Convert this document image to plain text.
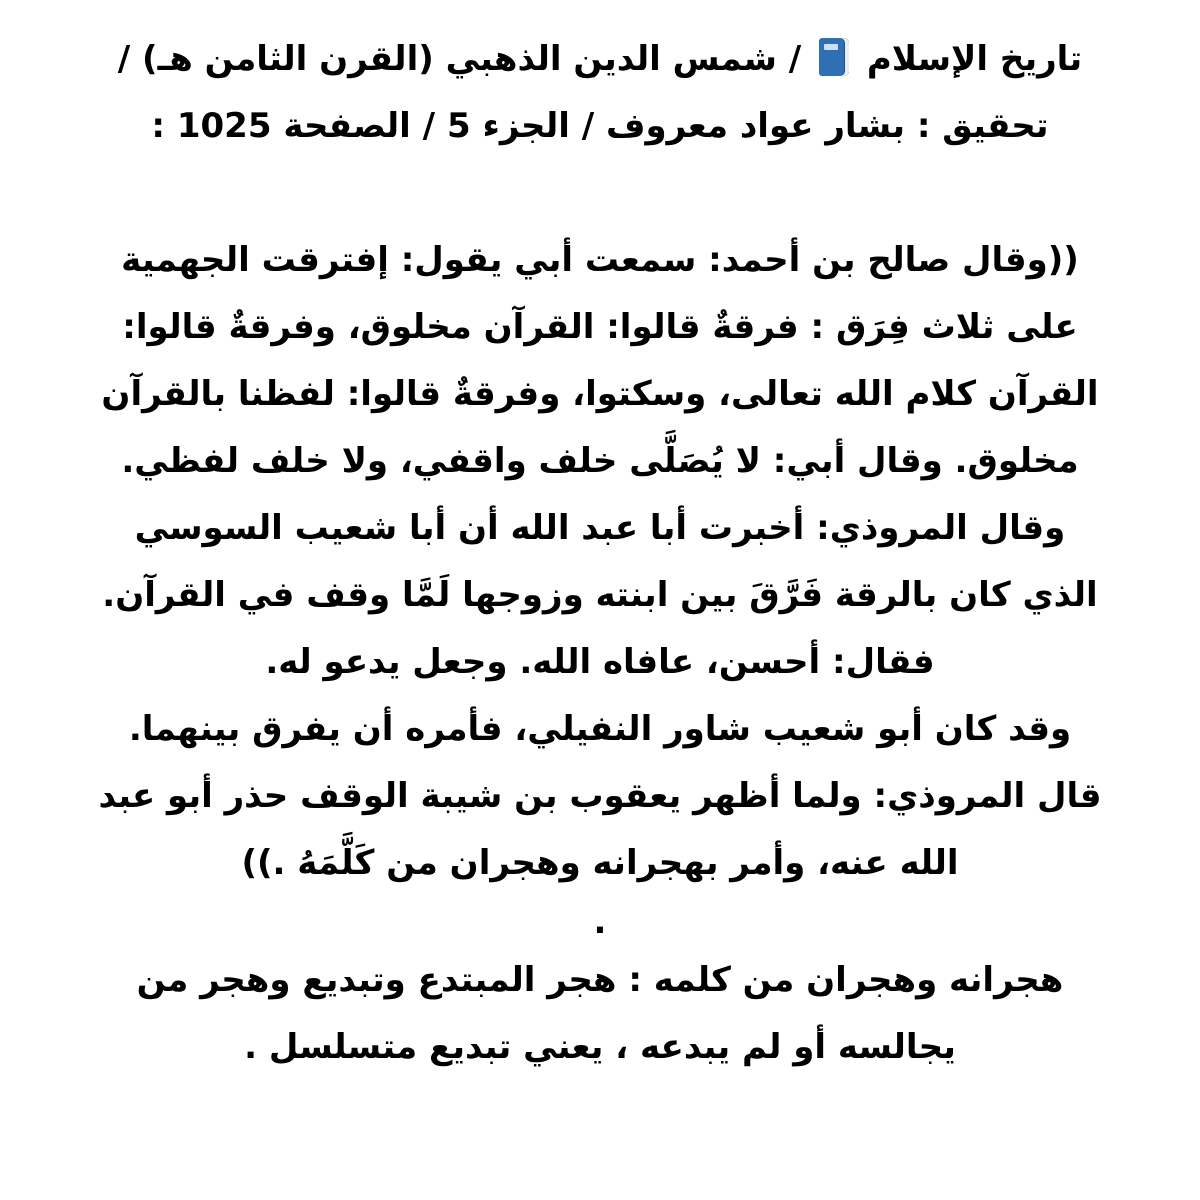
تاريخ الإسلام  / شمس الدين الذهبي (القرن الثامن هـ) /
تحقيق : بشار عواد معروف / الجزء 5 / الصفحة 1025 :
((وقال صالح بن أحمد: سمعت أبي يقول: إفترقت الجهمية
على ثلاث فِرَق : فرقةٌ قالوا: القرآن مخلوق، وفرقةٌ قالوا:
القرآن كلام الله تعالى، وسكتوا، وفرقةٌ قالوا: لفظنا بالقرآن
مخلوق. وقال أبي: لا يُصَلَّى خلف واقفي، ولا خلف لفظي.
وقال المروذي: أخبرت أبا عبد الله أن أبا شعيب السوسي
الذي كان بالرقة فَرَّقَ بين ابنته وزوجها لَمَّا وقف في القرآن.
فقال: أحسن، عافاه الله. وجعل يدعو له.
وقد كان أبو شعيب شاور النفيلي، فأمره أن يفرق بينهما.
قال المروذي: ولما أظهر يعقوب بن شيبة الوقف حذر أبو عبد
الله عنه، وأمر بهجرانه وهجران من كَلَّمَهُ .))
.
هجرانه وهجران من كلمه : هجر المبتدع وتبديع وهجر من
يجالسه أو لم يبدعه ، يعني تبديع متسلسل .
